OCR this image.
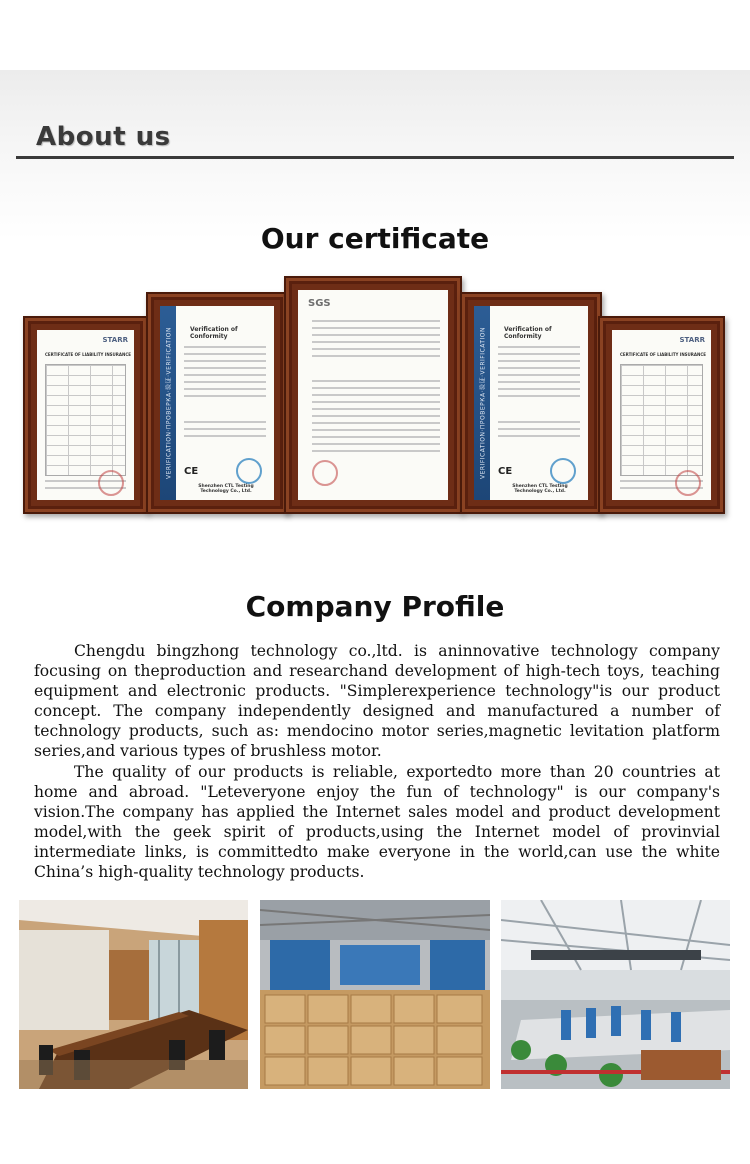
About us
Our certificate
STARR
CERTIFICATE OF LIABILITY INSURANCE	VERIFICATION·ПРОВЕРКА·验证·VERIFICATION	Verification of Conformity
CE
Shenzhen CTL Testing Technology Co., Ltd.
SGS
VERIFICATION·ПРОВЕРКА·验证·VERIFICATION	Verification of Conformity
CE
Shenzhen CTL Testing Technology Co., Ltd.
STARR
CERTIFICATE OF LIABILITY INSURANCE
Company Profile

Chengdu bingzhong technology co.,ltd. is aninnovative technology company focusing on theproduction and researchand development of high-tech toys, teaching equipment and electronic products. "Simplerexperience technology"is our product concept. The company independently designed and manufactured a number of technology products, such as: mendocino motor series,magnetic levitation platform series,and various types of brushless motor.

The quality of our products is reliable, exportedto more than 20 countries at home and abroad. "Leteveryone enjoy the fun of technology" is our company's vision.The company has applied the Internet sales model and product development model,with the geek spirit of products,using the Internet model of provinvial intermediate links, is committedto make everyone in the world,can use the white China’s high-quality technology products.
